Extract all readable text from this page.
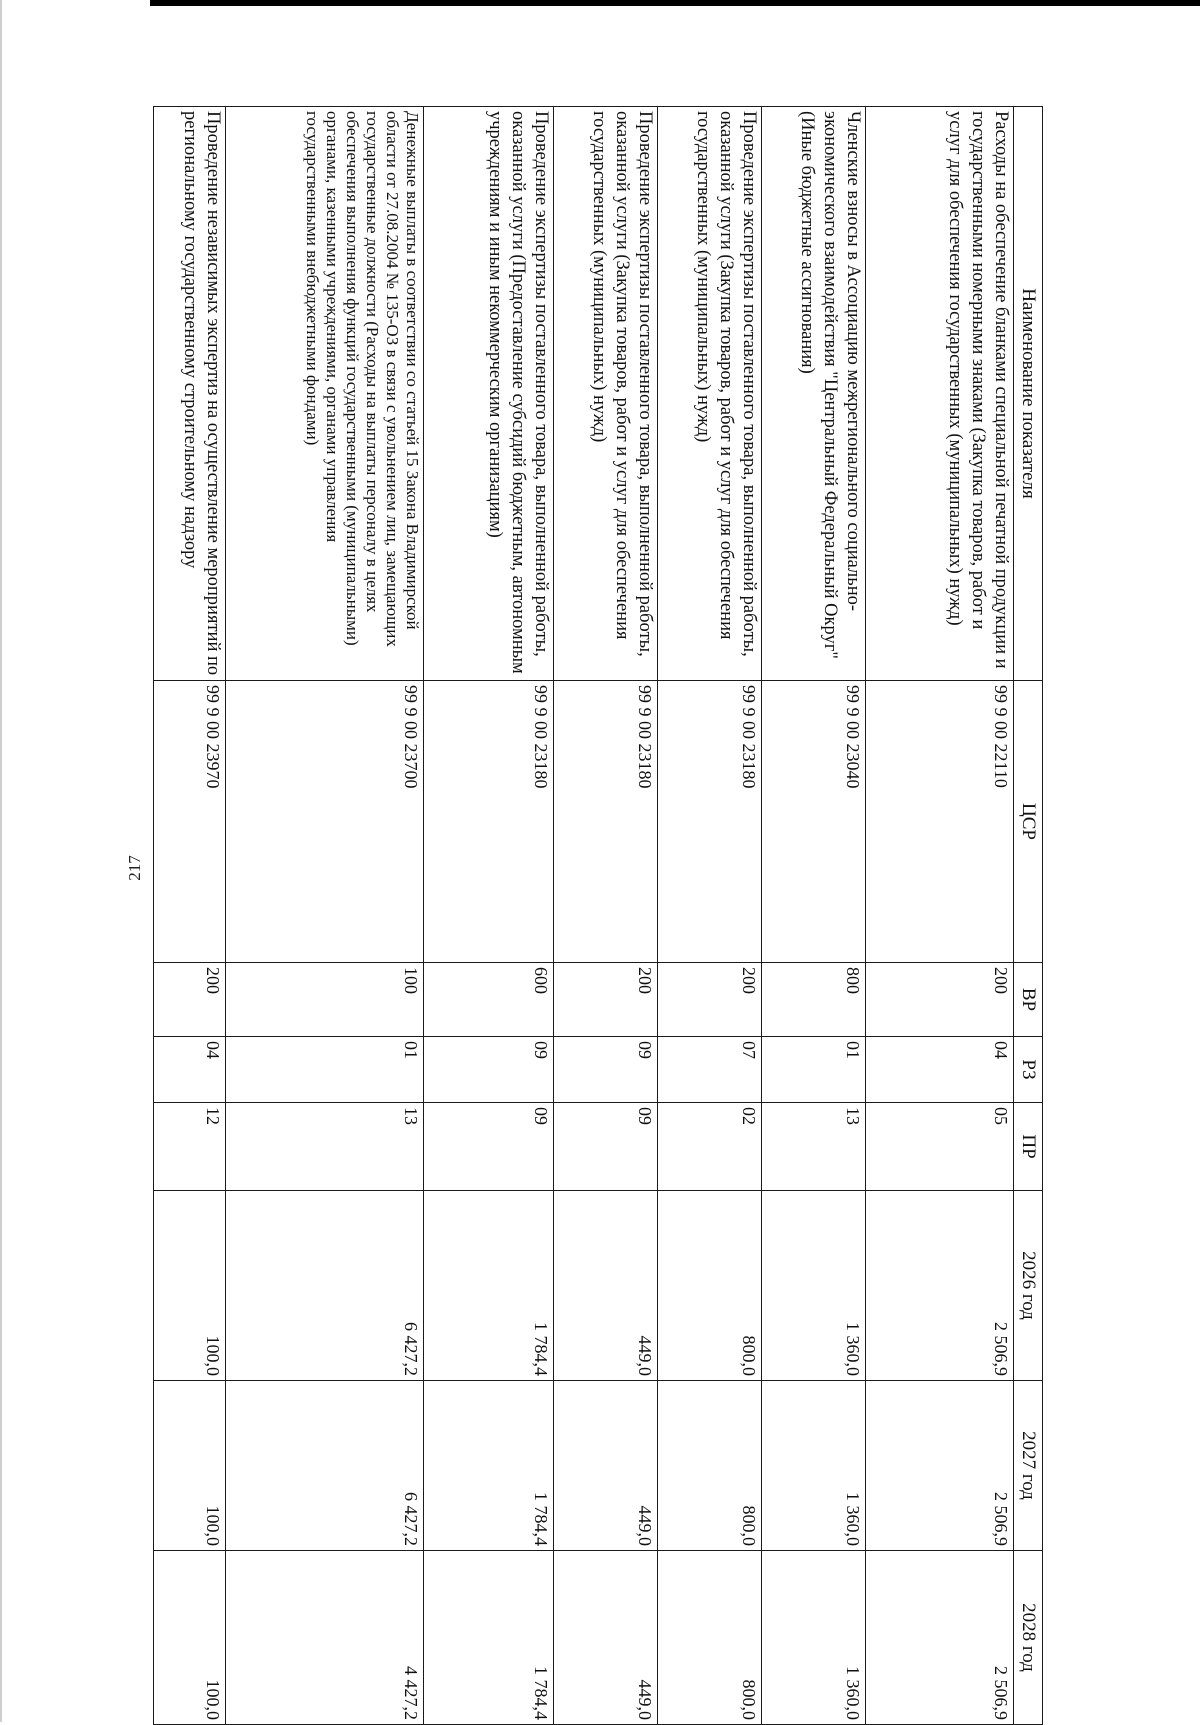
217
Наименование показателя	ЦСР	ВР	РЗ	ПР	2026 год	2027 год	2028 год
Расходы на обеспечение бланками специальной печатной продукции и государственными номерными знаками (Закупка товаров, работ и услуг для обеспечения государственных (муниципальных) нужд)	99 9 00 22110	200	04	05	2 506,9	2 506,9	2 506,9
Членские взносы в Ассоциацию межрегионального социально-экономического взаимодействия "Центральный Федеральный Округ" (Иные бюджетные ассигнования)	99 9 00 23040	800	01	13	1 360,0	1 360,0	1 360,0
Проведение экспертизы поставленного товара, выполненной работы, оказанной услуги (Закупка товаров, работ и услуг для обеспечения государственных (муниципальных) нужд)	99 9 00 23180	200	07	02	800,0	800,0	800,0
Проведение экспертизы поставленного товара, выполненной работы, оказанной услуги (Закупка товаров, работ и услуг для обеспечения государственных (муниципальных) нужд)	99 9 00 23180	200	09	09	449,0	449,0	449,0
Проведение экспертизы поставленного товара, выполненной работы, оказанной услуги (Предоставление субсидий бюджетным, автономным учреждениям и иным некоммерческим организациям)	99 9 00 23180	600	09	09	1 784,4	1 784,4	1 784,4
Денежные выплаты в соответствии со статьей 15 Закона Владимирской области от 27.08.2004 № 135-ОЗ в связи с увольнением лиц, замещающих государственные должности (Расходы на выплаты персоналу в целях обеспечения выполнения функций государственными (муниципальными) органами, казенными учреждениями, органами управления государственными внебюджетными фондами)	99 9 00 23700	100	01	13	6 427,2	6 427,2	4 427,2
Проведение независимых экспертиз на осуществление мероприятий по региональному государственному строительному надзору	99 9 00 23970	200	04	12	100,0	100,0	100,0
